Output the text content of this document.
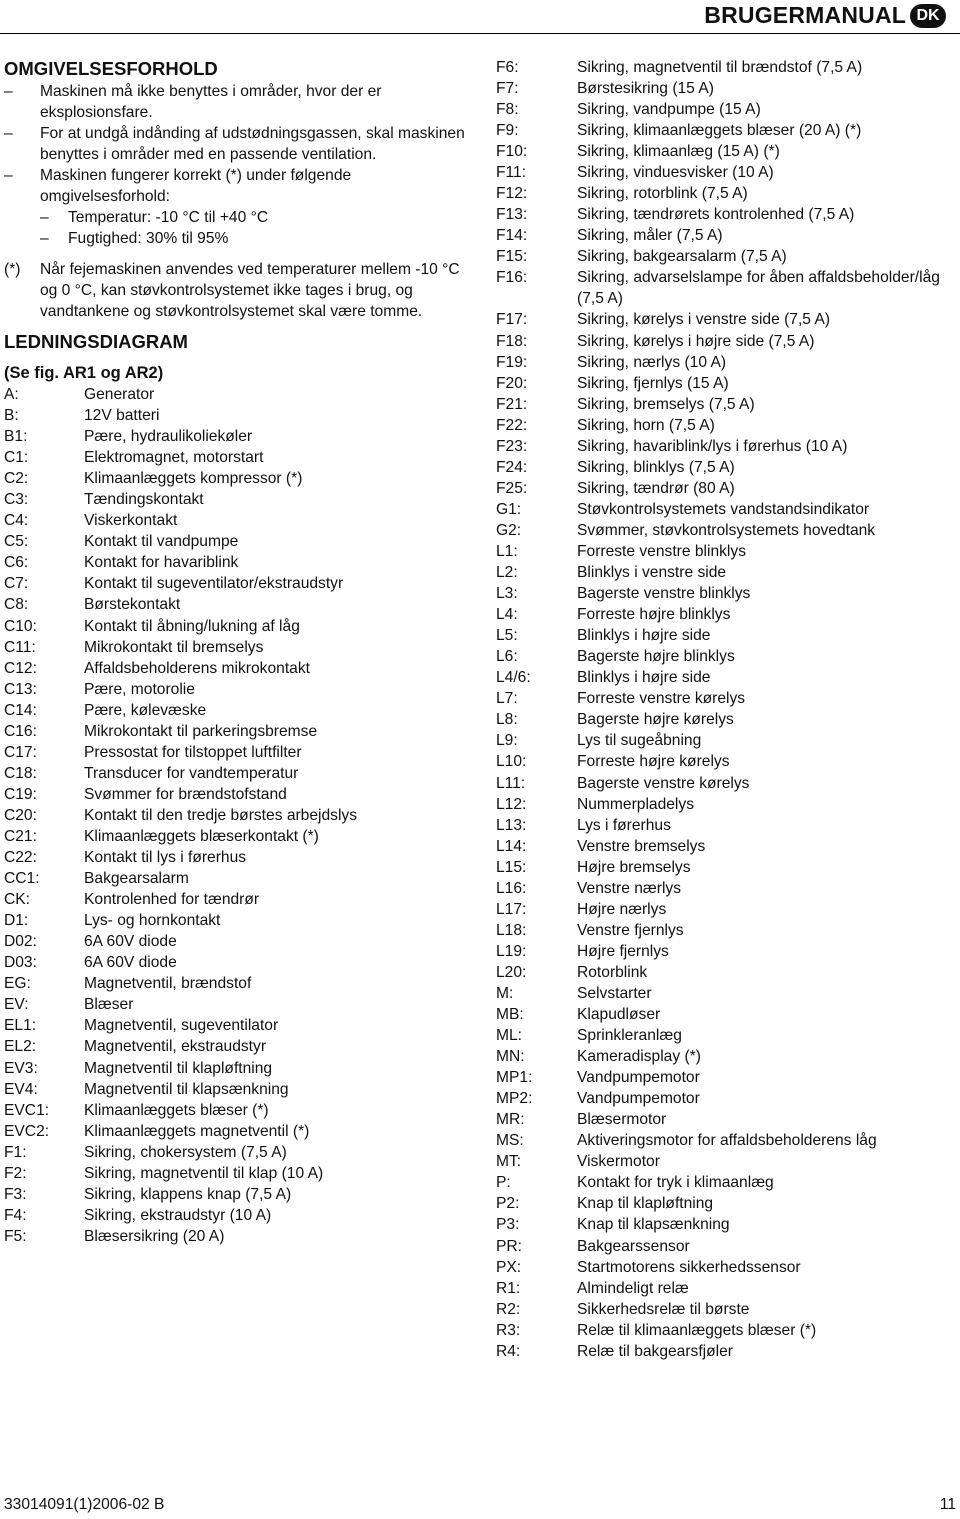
BRUGERMANUAL DK
OMGIVELSESFORHOLD
– Maskinen må ikke benyttes i områder, hvor der er eksplosionsfare.
– For at undgå indånding af udstødningsgassen, skal maskinen benyttes i områder med en passende ventilation.
– Maskinen fungerer korrekt (*) under følgende omgivelsesforhold:
– Temperatur: -10 °C til +40 °C
– Fugtighed: 30% til 95%
(*) Når fejemaskinen anvendes ved temperaturer mellem -10 °C og 0 °C, kan støvkontrolsystemet ikke tages i brug, og vandtankene og støvkontrolsystemet skal være tomme.
LEDNINGSDIAGRAM
(Se fig. AR1 og AR2)
A:	Generator
B:	12V batteri
B1:	Pære, hydraulikoliekøler
C1:	Elektromagnet, motorstart
C2:	Klimaanlæggets kompressor (*)
C3:	Tændingskontakt
C4:	Viskerkontakt
C5:	Kontakt til vandpumpe
C6:	Kontakt for havariblink
C7:	Kontakt til sugeventilator/ekstraudstyr
C8:	Børstekontakt
C10:	Kontakt til åbning/lukning af låg
C11:	Mikrokontakt til bremselys
C12:	Affaldsbeholderens mikrokontakt
C13:	Pære, motorolie
C14:	Pære, kølevæske
C16:	Mikrokontakt til parkeringsbremse
C17:	Pressostat for tilstoppet luftfilter
C18:	Transducer for vandtemperatur
C19:	Svømmer for brændstofstand
C20:	Kontakt til den tredje børstes arbejdslys
C21:	Klimaanlæggets blæserkontakt (*)
C22:	Kontakt til lys i førerhus
CC1:	Bakgearsalarm
CK:	Kontrolenhed for tændrør
D1:	Lys- og hornkontakt
D02:	6A 60V diode
D03:	6A 60V diode
EG:	Magnetventil, brændstof
EV:	Blæser
EL1:	Magnetventil, sugeventilator
EL2:	Magnetventil, ekstraudstyr
EV3:	Magnetventil til klapløftning
EV4:	Magnetventil til klapsænkning
EVC1:	Klimaanlæggets blæser (*)
EVC2:	Klimaanlæggets magnetventil (*)
F1:	Sikring, chokersystem (7,5 A)
F2:	Sikring, magnetventil til klap (10 A)
F3:	Sikring, klappens knap (7,5 A)
F4:	Sikring, ekstraudstyr (10 A)
F5:	Blæsersikring (20 A)
F6:	Sikring, magnetventil til brændstof (7,5 A)
F7:	Børstesikring (15 A)
F8:	Sikring, vandpumpe (15 A)
F9:	Sikring, klimaanlæggets blæser (20 A) (*)
F10:	Sikring, klimaanlæg (15 A) (*)
F11:	Sikring, vinduesvisker (10 A)
F12:	Sikring, rotorblink (7,5 A)
F13:	Sikring, tændrørets kontrolenhed (7,5 A)
F14:	Sikring, måler (7,5 A)
F15:	Sikring, bakgearsalarm (7,5 A)
F16:	Sikring, advarselslampe for åben affaldsbeholder/låg (7,5 A)
F17:	Sikring, kørelys i venstre side (7,5 A)
F18:	Sikring, kørelys i højre side (7,5 A)
F19:	Sikring, nærlys (10 A)
F20:	Sikring, fjernlys (15 A)
F21:	Sikring, bremselys (7,5 A)
F22:	Sikring, horn (7,5 A)
F23:	Sikring, havariblink/lys i førerhus (10 A)
F24:	Sikring, blinklys (7,5 A)
F25:	Sikring, tændrør (80 A)
G1:	Støvkontrolsystemets vandstandsindikator
G2:	Svømmer, støvkontrolsystemets hovedtank
L1:	Forreste venstre blinklys
L2:	Blinklys i venstre side
L3:	Bagerste venstre blinklys
L4:	Forreste højre blinklys
L5:	Blinklys i højre side
L6:	Bagerste højre blinklys
L4/6:	Blinklys i højre side
L7:	Forreste venstre kørelys
L8:	Bagerste højre kørelys
L9:	Lys til sugeåbning
L10:	Forreste højre kørelys
L11:	Bagerste venstre kørelys
L12:	Nummerpladelys
L13:	Lys i førerhus
L14:	Venstre bremselys
L15:	Højre bremselys
L16:	Venstre nærlys
L17:	Højre nærlys
L18:	Venstre fjernlys
L19:	Højre fjernlys
L20:	Rotorblink
M:	Selvstarter
MB:	Klapudløser
ML:	Sprinkleranlæg
MN:	Kameradisplay (*)
MP1:	Vandpumpemotor
MP2:	Vandpumpemotor
MR:	Blæsermotor
MS:	Aktiveringsmotor for affaldsbeholderens låg
MT:	Viskermotor
P:	Kontakt for tryk i klimaanlæg
P2:	Knap til klapløftning
P3:	Knap til klapsænkning
PR:	Bakgearssensor
PX:	Startmotorens sikkerhedssensor
R1:	Almindeligt relæ
R2:	Sikkerhedsrelæ til børste
R3:	Relæ til klimaanlæggets blæser (*)
R4:	Relæ til bakgearsfjøler
33014091(1)2006-02 B	11
